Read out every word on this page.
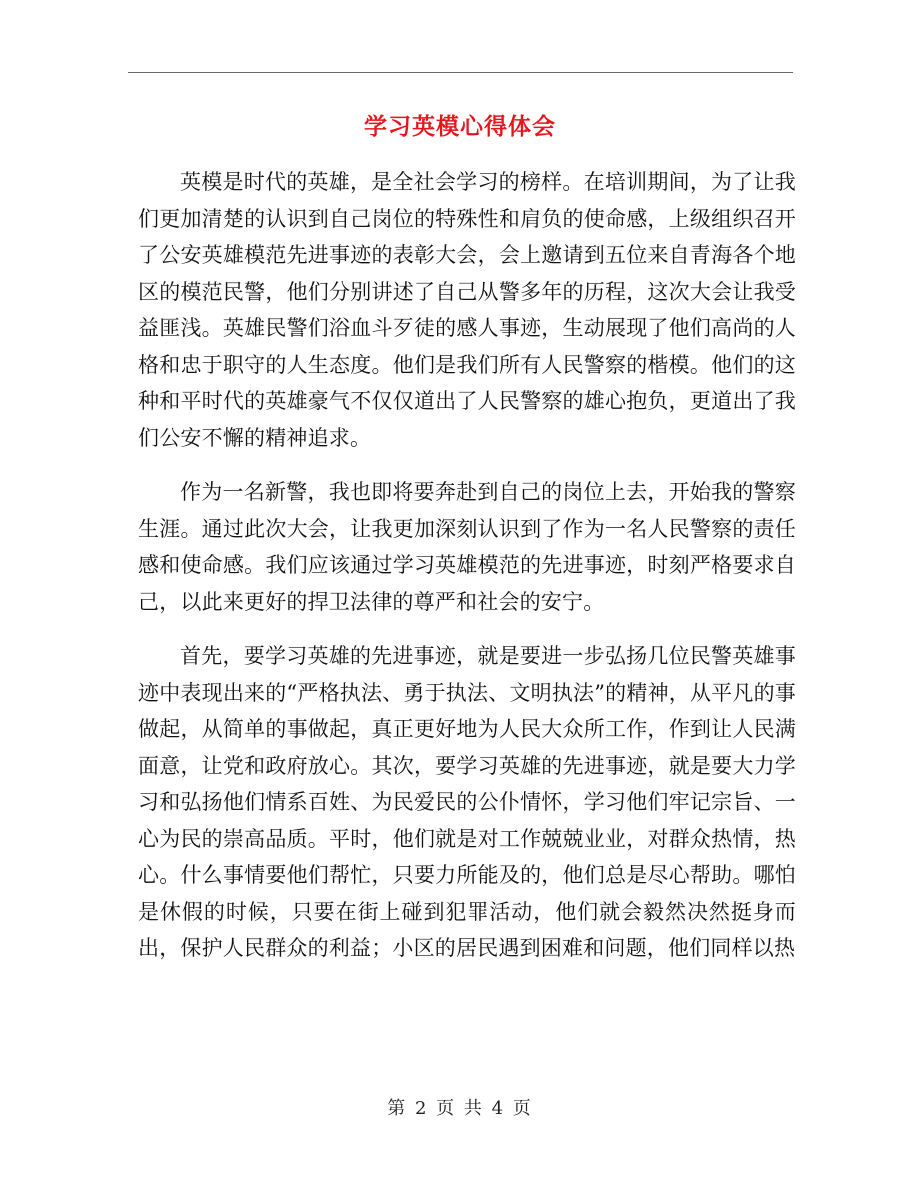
学习英模心得体会

英模是时代的英雄，是全社会学习的榜样。在培训期间，为了让我们更加清楚的认识到自己岗位的特殊性和肩负的使命感，上级组织召开了公安英雄模范先进事迹的表彰大会，会上邀请到五位来自青海各个地区的模范民警，他们分别讲述了自己从警多年的历程，这次大会让我受益匪浅。英雄民警们浴血斗歹徒的感人事迹，生动展现了他们高尚的人格和忠于职守的人生态度。他们是我们所有人民警察的楷模。他们的这种和平时代的英雄豪气不仅仅道出了人民警察的雄心抱负，更道出了我们公安不懈的精神追求。

作为一名新警，我也即将要奔赴到自己的岗位上去，开始我的警察生涯。通过此次大会，让我更加深刻认识到了作为一名人民警察的责任感和使命感。我们应该通过学习英雄模范的先进事迹，时刻严格要求自己，以此来更好的捍卫法律的尊严和社会的安宁。

首先，要学习英雄的先进事迹，就是要进一步弘扬几位民警英雄事迹中表现出来的“严格执法、勇于执法、文明执法”的精神，从平凡的事做起，从简单的事做起，真正更好地为人民大众所工作，作到让人民满面意，让党和政府放心。其次，要学习英雄的先进事迹，就是要大力学习和弘扬他们情系百姓、为民爱民的公仆情怀，学习他们牢记宗旨、一心为民的崇高品质。平时，他们就是对工作兢兢业业，对群众热情，热心。什么事情要他们帮忙，只要力所能及的，他们总是尽心帮助。哪怕是休假的时候，只要在街上碰到犯罪活动，他们就会毅然决然挺身而出，保护人民群众的利益；小区的居民遇到困难和问题，他们同样以热

第 2 页 共 4 页
